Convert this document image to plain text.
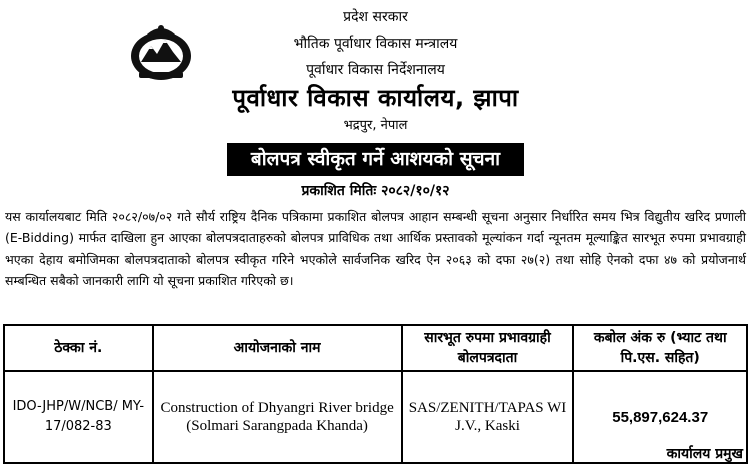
प्रदेश सरकार
भौतिक पूर्वाधार विकास मन्त्रालय
पूर्वाधार विकास निर्देशनालय
पूर्वाधार विकास कार्यालय, झापा
भद्रपुर, नेपाल
बोलपत्र स्वीकृत गर्ने आशयको सूचना
प्रकाशित मितिः २०८२/१०/१२
यस कार्यालयबाट मिति २०८२/०७/०२ गते सौर्य राष्ट्रिय दैनिक पत्रिकामा प्रकाशित बोलपत्र आहान सम्बन्धी सूचना अनुसार निर्धारित समय भित्र विद्युतीय खरिद प्रणाली (E-Bidding) मार्फत दाखिला हुन आएका बोलपत्रदाताहरुको बोलपत्र प्राविधिक तथा आर्थिक प्रस्तावको मूल्यांकन गर्दा न्यूनतम मूल्याङ्कित सारभूत रुपमा प्रभावग्राही भएका देहाय बमोजिमका बोलपत्रदाताको बोलपत्र स्वीकृत गरिने भएकोले सार्वजनिक खरिद ऐन २०६३ को दफा २७(२) तथा सोहि ऐनको दफा ४७ को प्रयोजनार्थ सम्बन्धित सबैको जानकारी लागि यो सूचना प्रकाशित गरिएको छ।
ठेक्का नं.	आयोजनाको नाम	सारभूत रुपमा प्रभावग्राही बोलपत्रदाता	कबोल अंक रु (भ्याट तथा पि.एस. सहित)
IDO-JHP/W/NCB/ MY-17/082-83	Construction of Dhyangri River bridge (Solmari Sarangpada Khanda)	SAS/ZENITH/TAPAS WI J.V., Kaski	55,897,624.37
कार्यालय प्रमुख
